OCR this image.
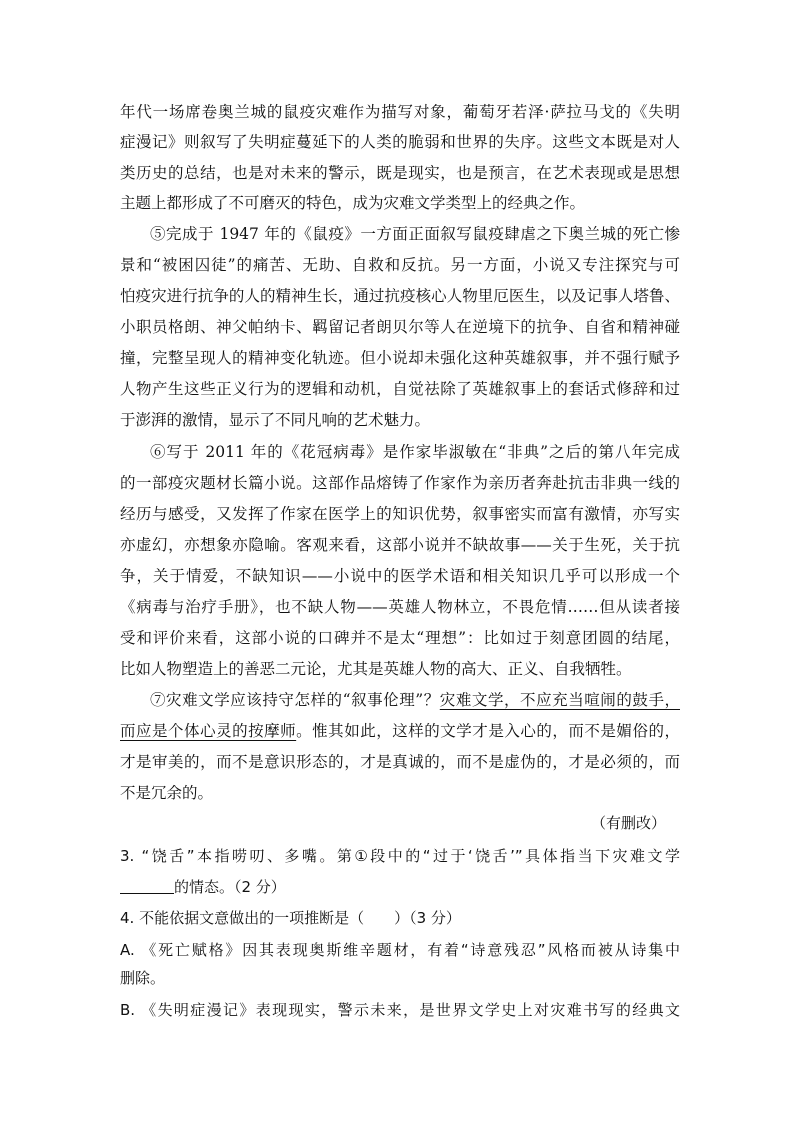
年代一场席卷奥兰城的鼠疫灾难作为描写对象，葡萄牙若泽·萨拉马戈的《失明
症漫记》则叙写了失明症蔓延下的人类的脆弱和世界的失序。这些文本既是对人
类历史的总结，也是对未来的警示，既是现实，也是预言，在艺术表现或是思想
主题上都形成了不可磨灭的特色，成为灾难文学类型上的经典之作。
⑤完成于 1947 年的《鼠疫》一方面正面叙写鼠疫肆虐之下奥兰城的死亡惨
景和“被困囚徒”的痛苦、无助、自救和反抗。另一方面，小说又专注探究与可
怕疫灾进行抗争的人的精神生长，通过抗疫核心人物里厄医生，以及记事人塔鲁、
小职员格朗、神父帕纳卡、羁留记者朗贝尔等人在逆境下的抗争、自省和精神碰
撞，完整呈现人的精神变化轨迹。但小说却未强化这种英雄叙事，并不强行赋予
人物产生这些正义行为的逻辑和动机，自觉祛除了英雄叙事上的套话式修辞和过
于澎湃的激情，显示了不同凡响的艺术魅力。
⑥写于 2011 年的《花冠病毒》是作家毕淑敏在“非典”之后的第八年完成
的一部疫灾题材长篇小说。这部作品熔铸了作家作为亲历者奔赴抗击非典一线的
经历与感受，又发挥了作家在医学上的知识优势，叙事密实而富有激情，亦写实
亦虚幻，亦想象亦隐喻。客观来看，这部小说并不缺故事——关于生死，关于抗
争，关于情爱，不缺知识——小说中的医学术语和相关知识几乎可以形成一个
《病毒与治疗手册》，也不缺人物——英雄人物林立，不畏危情……但从读者接
受和评价来看，这部小说的口碑并不是太“理想”：比如过于刻意团圆的结尾，
比如人物塑造上的善恶二元论，尤其是英雄人物的高大、正义、自我牺牲。
⑦灾难文学应该持守怎样的“叙事伦理”？灾难文学，不应充当喧闹的鼓手，
而应是个体心灵的按摩师。惟其如此，这样的文学才是入心的，而不是媚俗的，
才是审美的，而不是意识形态的，才是真诚的，而不是虚伪的，才是必须的，而
不是冗余的。
（有删改）
3. “饶舌”本指唠叨、多嘴。第①段中的“过于‘饶舌’”具体指当下灾难文学
的情态。（2 分）
4. 不能依据文意做出的一项推断是（ ）（3 分）
A. 《死亡赋格》因其表现奥斯维辛题材，有着“诗意残忍”风格而被从诗集中
删除。
B. 《失明症漫记》表现现实，警示未来，是世界文学史上对灾难书写的经典文
